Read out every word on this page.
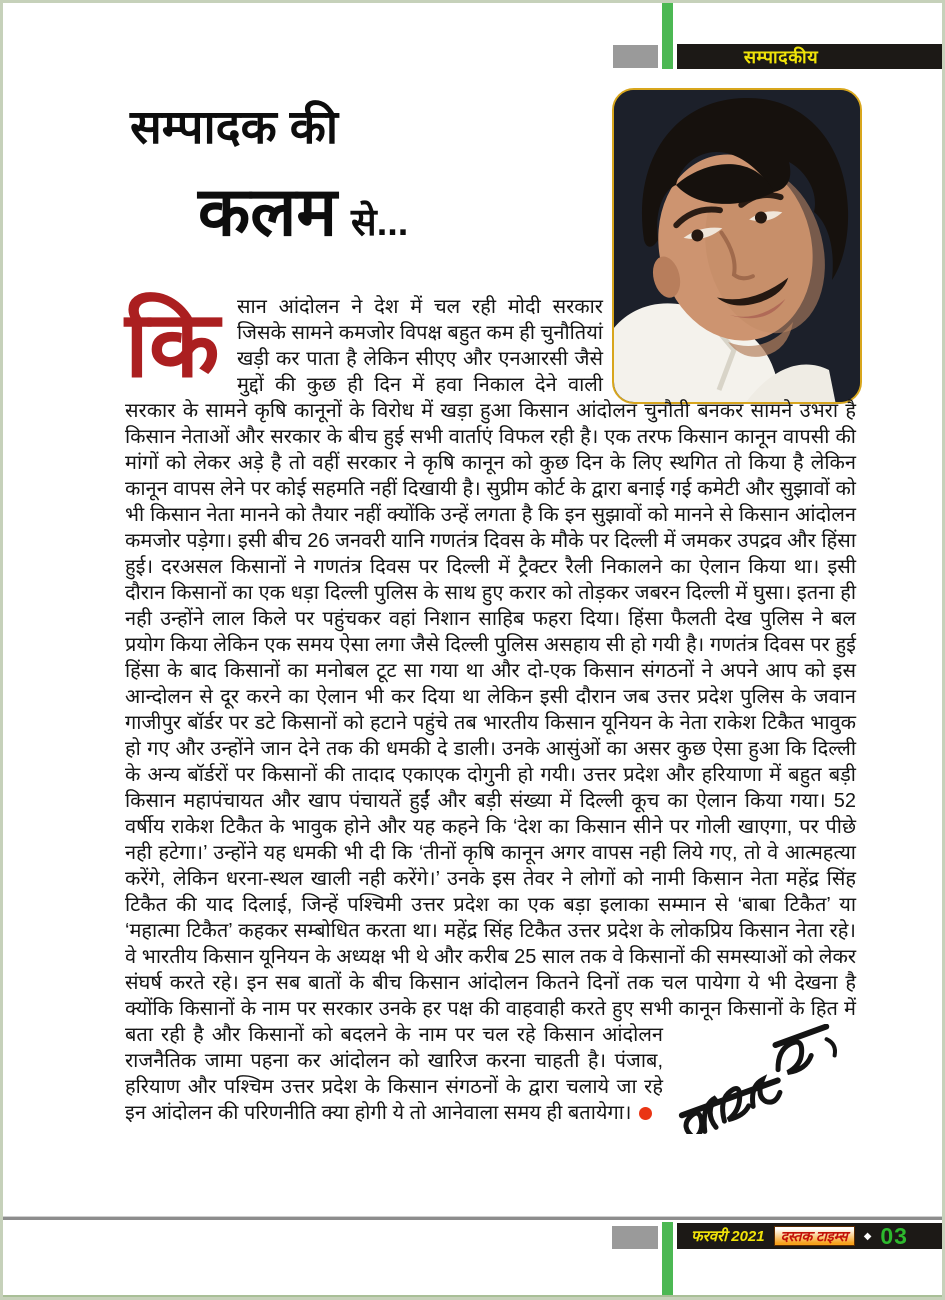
सम्पादकीय
सम्पादक की
कलम से...
कि सान आंदोलन ने देश में चल रही मोदी सरकार जिसके सामने कमजोर विपक्ष बहुत कम ही चुनौतियां खड़ी कर पाता है लेकिन सीएए और एनआरसी जैसे मुद्दों की कुछ ही दिन में हवा निकाल देने वाली सरकार के सामने कृषि कानूनों के विरोध में खड़ा हुआ किसान आंदोलन चुनौती बनकर सामने उभरा है किसान नेताओं और सरकार के बीच हुई सभी वार्ताएं विफल रही है। एक तरफ किसान कानून वापसी की मांगों को लेकर अड़े है तो वहीं सरकार ने कृषि कानून को कुछ दिन के लिए स्थगित तो किया है लेकिन कानून वापस लेने पर कोई सहमति नहीं दिखायी है। सुप्रीम कोर्ट के द्वारा बनाई गई कमेटी और सुझावों को भी किसान नेता मानने को तैयार नहीं क्योंकि उन्हें लगता है कि इन सुझावों को मानने से किसान आंदोलन कमजोर पड़ेगा। इसी बीच 26 जनवरी यानि गणतंत्र दिवस के मौके पर दिल्ली में जमकर उपद्रव और हिंसा हुई। दरअसल किसानों ने गणतंत्र दिवस पर दिल्ली में ट्रैक्टर रैली निकालने का ऐलान किया था। इसी दौरान किसानों का एक धड़ा दिल्ली पुलिस के साथ हुए करार को तोड़कर जबरन दिल्ली में घुसा। इतना ही नही उन्होंने लाल किले पर पहुंचकर वहां निशान साहिब फहरा दिया। हिंसा फैलती देख पुलिस ने बल प्रयोग किया लेकिन एक समय ऐसा लगा जैसे दिल्ली पुलिस असहाय सी हो गयी है। गणतंत्र दिवस पर हुई हिंसा के बाद किसानों का मनोबल टूट सा गया था और दो-एक किसान संगठनों ने अपने आप को इस आन्दोलन से दूर करने का ऐलान भी कर दिया था लेकिन इसी दौरान जब उत्तर प्रदेश पुलिस के जवान गाजीपुर बॉर्डर पर डटे किसानों को हटाने पहुंचे तब भारतीय किसान यूनियन के नेता राकेश टिकैत भावुक हो गए और उन्होंने जान देने तक की धमकी दे डाली। उनके आसुंओं का असर कुछ ऐसा हुआ कि दिल्ली के अन्य बॉर्डरों पर किसानों की तादाद एकाएक दोगुनी हो गयी। उत्तर प्रदेश और हरियाणा में बहुत बड़ी किसान महापंचायत और खाप पंचायतें हुईं और बड़ी संख्या में दिल्ली कूच का ऐलान किया गया। 52 वर्षीय राकेश टिकैत के भावुक होने और यह कहने कि ‘देश का किसान सीने पर गोली खाएगा, पर पीछे नही हटेगा।’ उन्होंने यह धमकी भी दी कि ‘तीनों कृषि कानून अगर वापस नही लिये गए, तो वे आत्महत्या करेंगे, लेकिन धरना-स्थल खाली नही करेंगे।’ उनके इस तेवर ने लोगों को नामी किसान नेता महेंद्र सिंह टिकैत की याद दिलाई, जिन्हें पश्चिमी उत्तर प्रदेश का एक बड़ा इलाका सम्मान से ‘बाबा टिकैत’ या ‘महात्मा टिकैत’ कहकर सम्बोधित करता था। महेंद्र सिंह टिकैत उत्तर प्रदेश के लोकप्रिय किसान नेता रहे। वे भारतीय किसान यूनियन के अध्यक्ष भी थे और करीब 25 साल तक वे किसानों की समस्याओं को लेकर संघर्ष करते रहे। इन सब बातों के बीच किसान आंदोलन कितने दिनों तक चल पायेगा ये भी देखना है क्योंकि किसानों के नाम पर सरकार उनके हर पक्ष की वाहवाही करते हुए सभी कानून किसानों के हित में
बता रही है और किसानों को बदलने के नाम पर चल रहे किसान आंदोलन राजनैतिक जामा पहना कर आंदोलन को खारिज करना चाहती है। पंजाब, हरियाण और पश्चिम उत्तर प्रदेश के किसान संगठनों के द्वारा चलाये जा रहे इन आंदोलन की परिणनीति क्या होगी ये तो आनेवाला समय ही बतायेगा।
फरवरी 2021	दस्तक टाइम्स	◆ 03
